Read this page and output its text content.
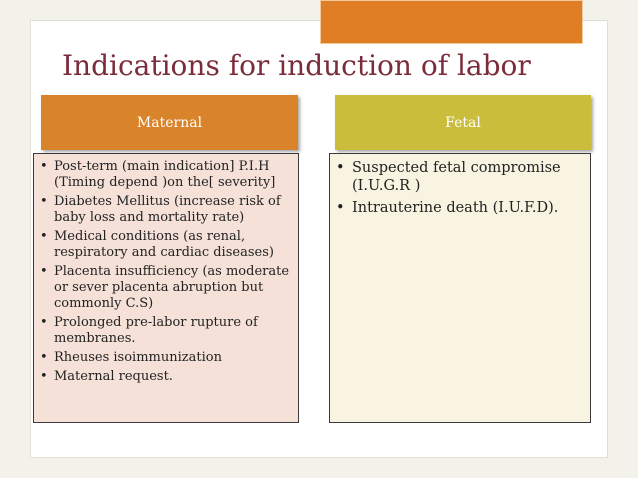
Indications for induction of labor
Maternal	Fetal
• Post-term (main indication] P.I.H (Timing depend )on the[ severity]
• Diabetes Mellitus (increase risk of baby loss and mortality rate)
• Medical conditions (as renal, respiratory and cardiac diseases)
• Placenta insufficiency (as moderate or sever placenta abruption but commonly C.S)
• Prolonged pre-labor rupture of membranes.
• Rheuses isoimmunization
• Maternal request.
• Suspected fetal compromise (I.U.G.R )
• Intrauterine death (I.U.F.D).
